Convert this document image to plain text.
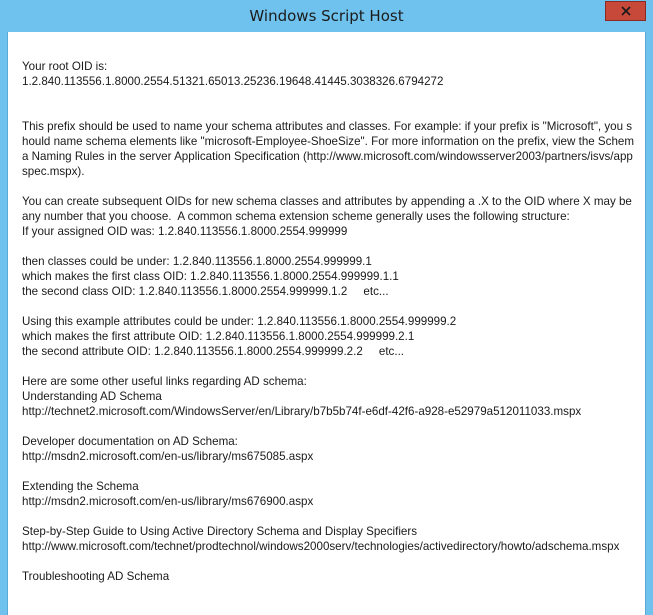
Windows Script Host

Your root OID is:

1.2.840.113556.1.8000.2554.51321.65013.25236.19648.41445.3038326.6794272

This prefix should be used to name your schema attributes and classes. For example: if your prefix is "Microsoft", you should name schema elements like "microsoft-Employee-ShoeSize". For more information on the prefix, view the Schema Naming Rules in the server Application Specification (http://www.microsoft.com/windowsserver2003/partners/isvs/appspec.mspx).

You can create subsequent OIDs for new schema classes and attributes by appending a .X to the OID where X may be any number that you choose.  A common schema extension scheme generally uses the following structure:

If your assigned OID was: 1.2.840.113556.1.8000.2554.999999

then classes could be under: 1.2.840.113556.1.8000.2554.999999.1

which makes the first class OID: 1.2.840.113556.1.8000.2554.999999.1.1

the second class OID: 1.2.840.113556.1.8000.2554.999999.1.2     etc...

Using this example attributes could be under: 1.2.840.113556.1.8000.2554.999999.2

which makes the first attribute OID: 1.2.840.113556.1.8000.2554.999999.2.1

the second attribute OID: 1.2.840.113556.1.8000.2554.999999.2.2     etc...

Here are some other useful links regarding AD schema:

Understanding AD Schema

http://technet2.microsoft.com/WindowsServer/en/Library/b7b5b74f-e6df-42f6-a928-e52979a512011033.mspx

Developer documentation on AD Schema:

http://msdn2.microsoft.com/en-us/library/ms675085.aspx

Extending the Schema

http://msdn2.microsoft.com/en-us/library/ms676900.aspx

Step-by-Step Guide to Using Active Directory Schema and Display Specifiers

http://www.microsoft.com/technet/prodtechnol/windows2000serv/technologies/activedirectory/howto/adschema.mspx

Troubleshooting AD Schema
